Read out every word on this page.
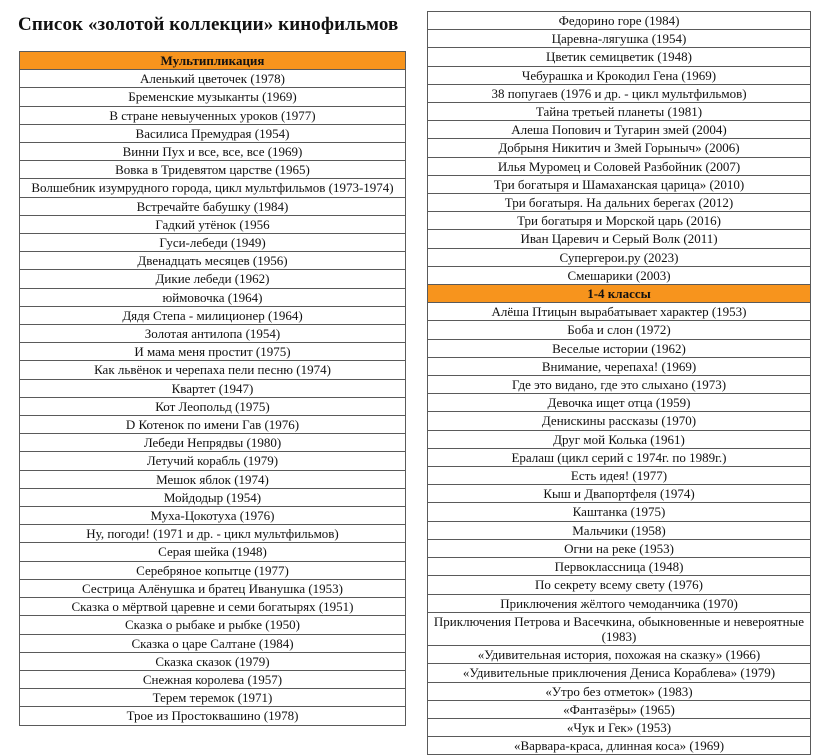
Список «золотой коллекции» кинофильмов
Мультипликация
Аленький цветочек (1978)
Бременские музыканты (1969)
В стране невыученных уроков (1977)
Василиса Премудрая (1954)
Винни Пух и все, все, все (1969)
Вовка в Тридевятом царстве (1965)
Волшебник изумрудного города, цикл мультфильмов (1973-1974)
Встречайте бабушку (1984)
Гадкий утёнок (1956
Гуси-лебеди (1949)
Двенадцать месяцев (1956)
Дикие лебеди (1962)
юймовочка (1964)
Дядя Степа - милиционер (1964)
Золотая антилопа (1954)
И мама меня простит (1975)
Как львёнок и черепаха пели песню (1974)
Квартет (1947)
Кот Леопольд (1975)
D Котенок по имени Гав (1976)
Лебеди Непрядвы (1980)
Летучий корабль (1979)
Мешок яблок (1974)
Мойдодыр (1954)
Муха-Цокотуха (1976)
Ну, погоди! (1971 и др. - цикл мультфильмов)
Серая шейка (1948)
Серебряное копытце (1977)
Сестрица Алёнушка и братец Иванушка (1953)
Сказка о мёртвой царевне и семи богатырях (1951)
Сказка о рыбаке и рыбке (1950)
Сказка о царе Салтане (1984)
Сказка сказок (1979)
Снежная королева (1957)
Терем теремок (1971)
Трое из Простоквашино (1978)
Федорино горе (1984)
Царевна-лягушка (1954)
Цветик семицветик (1948)
Чебурашка и Крокодил Гена (1969)
38 попугаев (1976 и др. - цикл мультфильмов)
Тайна третьей планеты (1981)
Алеша Попович и Тугарин змей (2004)
Добрыня Никитич и Змей Горыныч» (2006)
Илья Муромец и Соловей Разбойник (2007)
Три богатыря и Шамаханская царица» (2010)
Три богатыря. На дальних берегах (2012)
Три богатыря и Морской царь (2016)
Иван Царевич и Серый Волк (2011)
Супергерои.ру (2023)
Смешарики (2003)
1-4 классы
Алёша Птицын вырабатывает характер (1953)
Боба и слон (1972)
Веселые истории (1962)
Внимание, черепаха! (1969)
Где это видано, где это слыхано (1973)
Девочка ищет отца (1959)
Денискины рассказы (1970)
Друг мой Колька (1961)
Ералаш (цикл серий с 1974г. по 1989г.)
Есть идея! (1977)
Кыш и Двапортфеля (1974)
Каштанка (1975)
Мальчики (1958)
Огни на реке (1953)
Первоклассница (1948)
По секрету всему свету (1976)
Приключения жёлтого чемоданчика (1970)
Приключения Петрова и Васечкина, обыкновенные и невероятные (1983)
«Удивительная история, похожая на сказку» (1966)
«Удивительные приключения Дениса Кораблева» (1979)
«Утро без отметок» (1983)
«Фантазёры» (1965)
«Чук и Гек» (1953)
«Варвара-краса, длинная коса» (1969)
